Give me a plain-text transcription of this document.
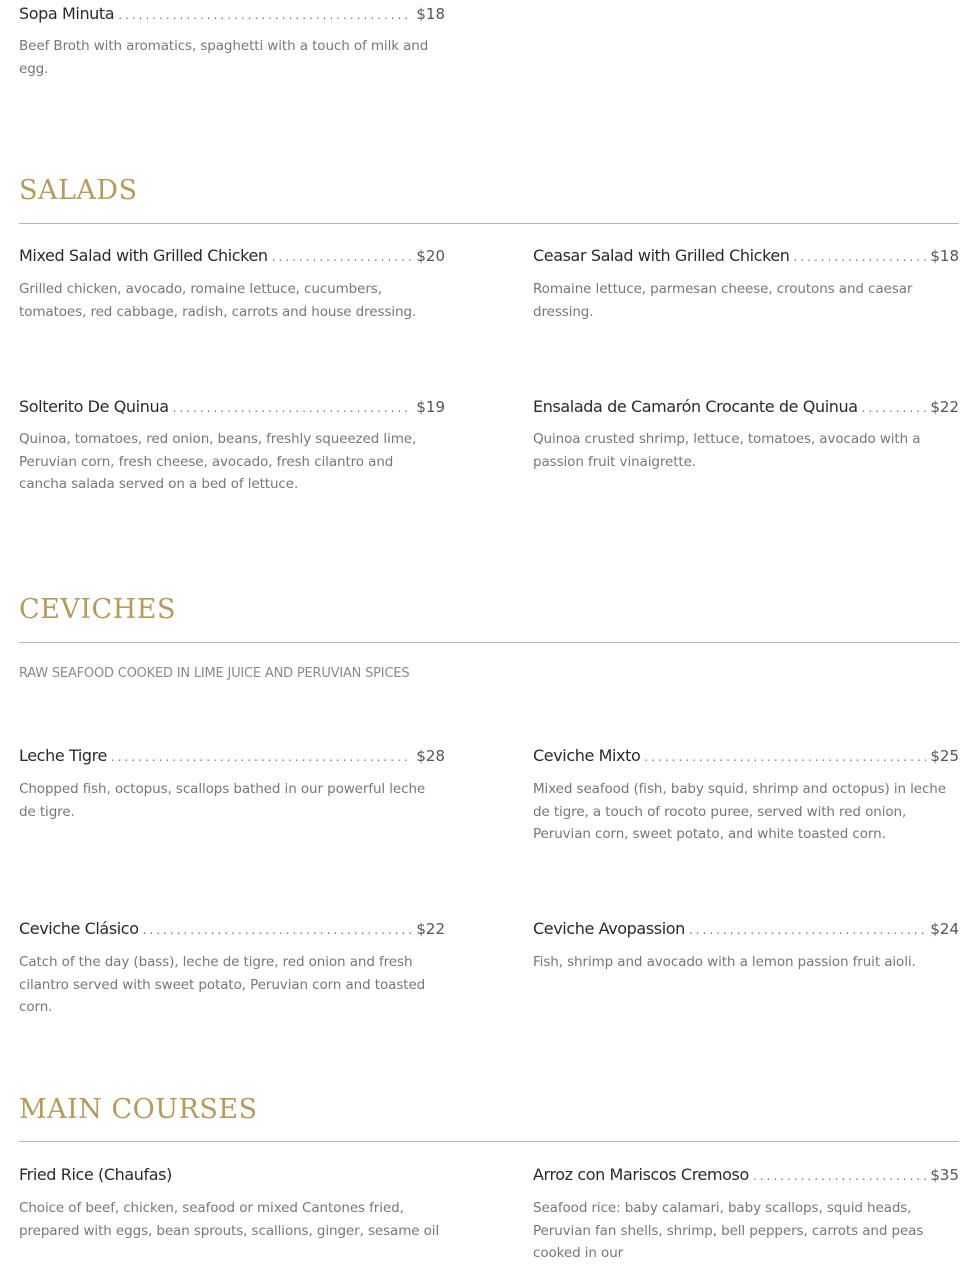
Sopa Minuta .....	$18
Beef Broth with aromatics, spaghetti with a touch of milk and egg.
SALADS
Mixed Salad with Grilled Chicken .....	$20
Grilled chicken, avocado, romaine lettuce, cucumbers, tomatoes, red cabbage, radish, carrots and house dressing.
Ceasar Salad with Grilled Chicken .....	$18
Romaine lettuce, parmesan cheese, croutons and caesar dressing.
Solterito De Quinua .....	$19
Quinoa, tomatoes, red onion, beans, freshly squeezed lime, Peruvian corn, fresh cheese, avocado, fresh cilantro and cancha salada served on a bed of lettuce.
Ensalada de Camarón Crocante de Quinua .....	$22
Quinoa crusted shrimp, lettuce, tomatoes, avocado with a passion fruit vinaigrette.
CEVICHES
RAW SEAFOOD COOKED IN LIME JUICE AND PERUVIAN SPICES
Leche Tigre .....	$28
Chopped fish, octopus, scallops bathed in our powerful leche de tigre.
Ceviche Mixto .....	$25
Mixed seafood (fish, baby squid, shrimp and octopus) in leche de tigre, a touch of rocoto puree, served with red onion, Peruvian corn, sweet potato, and white toasted corn.
Ceviche Clásico .....	$22
Catch of the day (bass), leche de tigre, red onion and fresh cilantro served with sweet potato, Peruvian corn and toasted corn.
Ceviche Avopassion .....	$24
Fish, shrimp and avocado with a lemon passion fruit aioli.
MAIN COURSES
Fried Rice (Chaufas)
Choice of beef, chicken, seafood or mixed Cantones fried, prepared with eggs, bean sprouts, scallions, ginger, sesame oil
Arroz con Mariscos Cremoso .....	$35
Seafood rice: baby calamari, baby scallops, squid heads, Peruvian fan shells, shrimp, bell peppers, carrots and peas cooked in our
